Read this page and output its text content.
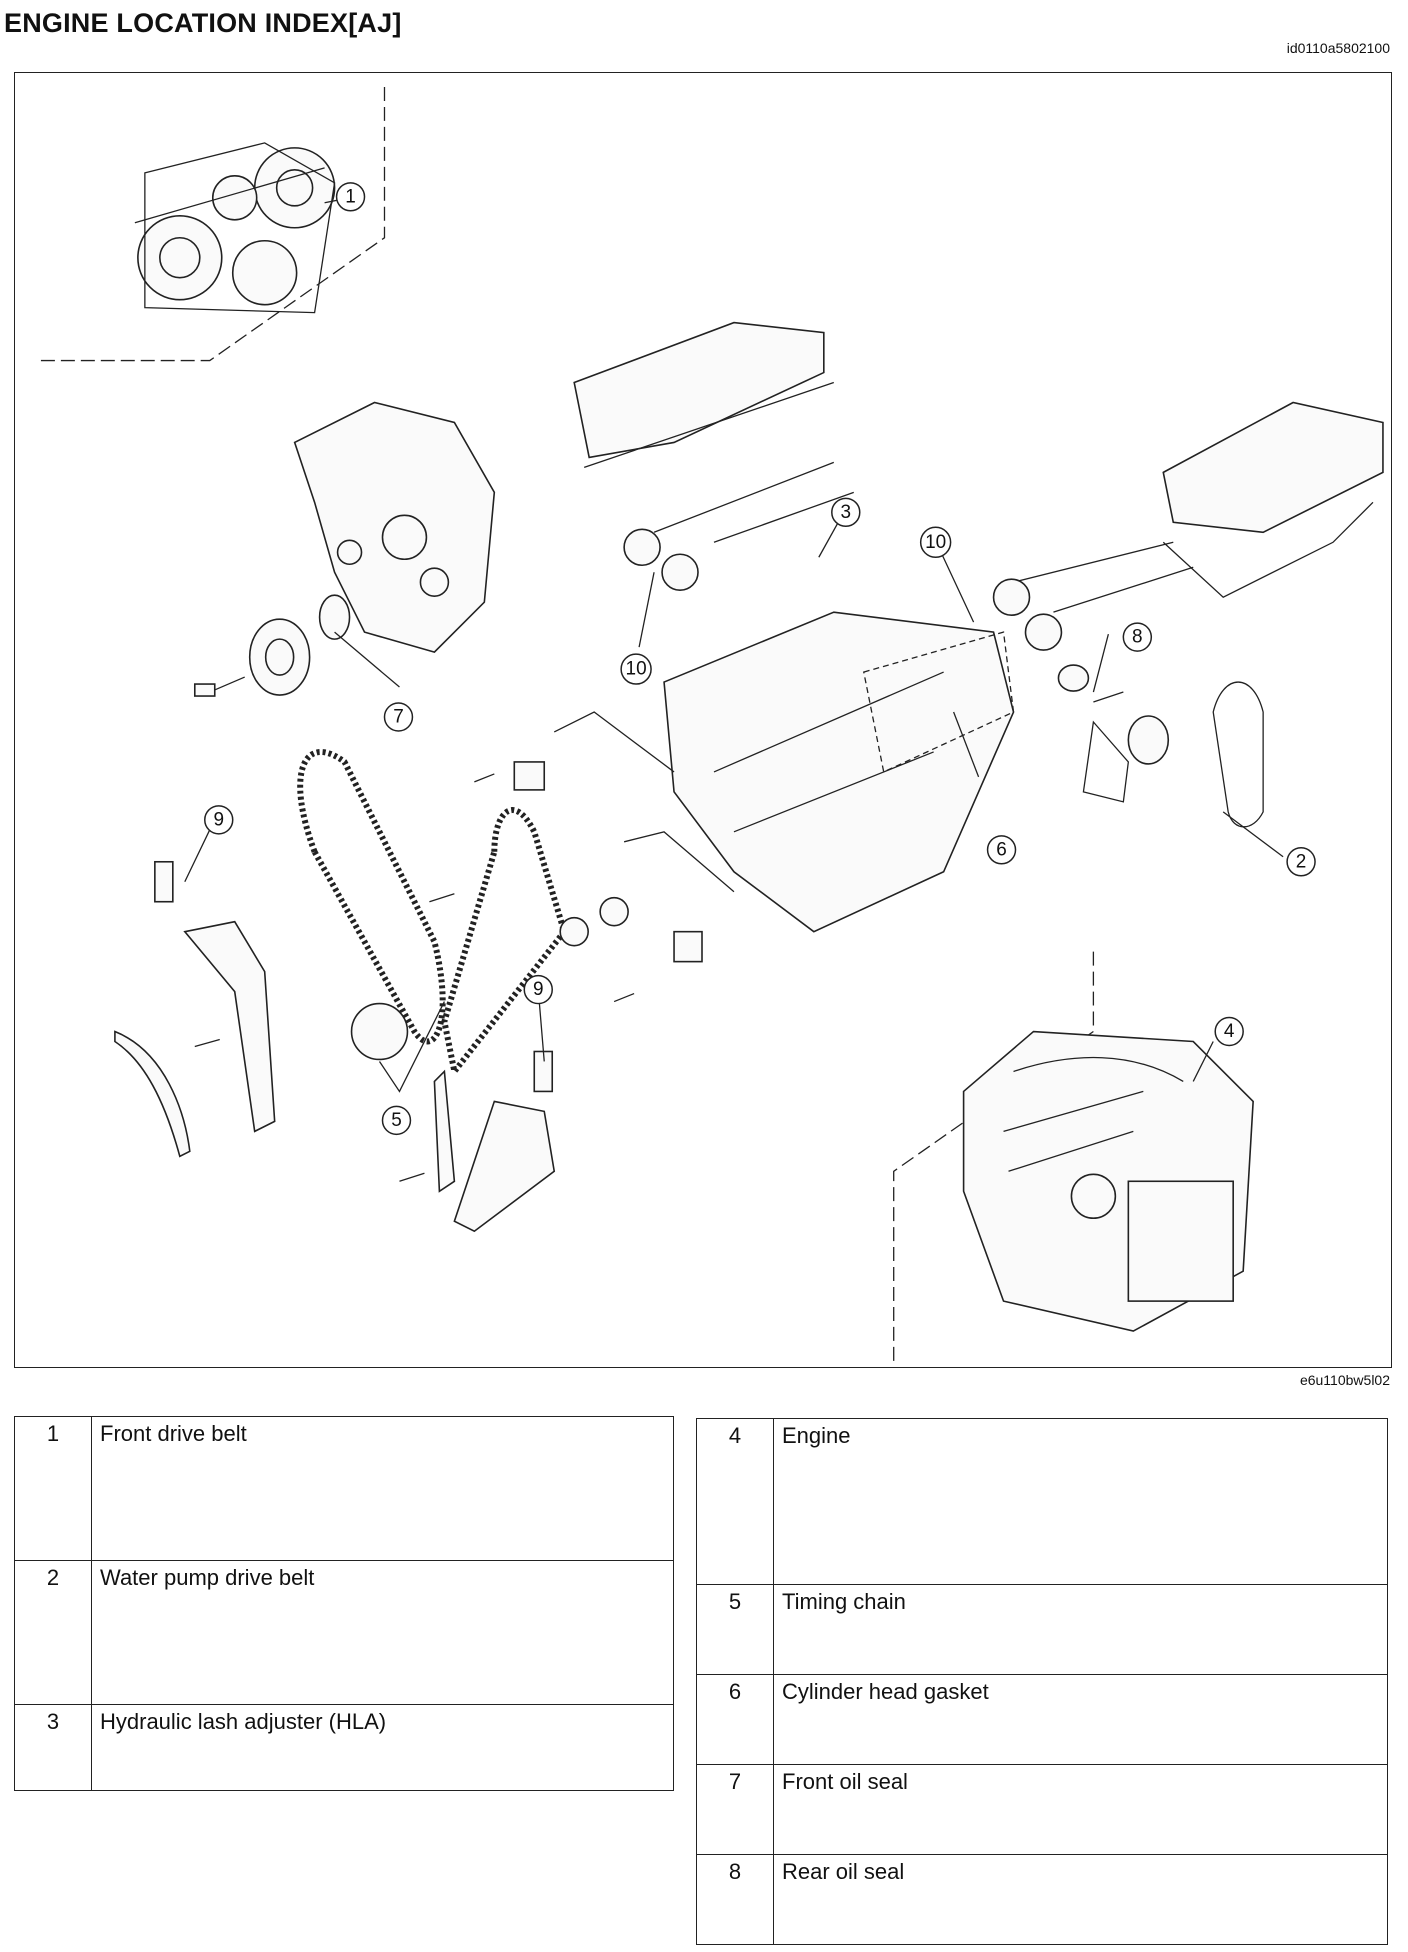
ENGINE LOCATION INDEX[AJ]
id0110a5802100
1
2
3
4
5
6
7
8
9
9
10
10
e6u110bw5l02
1	Front drive belt
2	Water pump drive belt
3	Hydraulic lash adjuster (HLA)
4	Engine
5	Timing chain
6	Cylinder head gasket
7	Front oil seal
8	Rear oil seal
